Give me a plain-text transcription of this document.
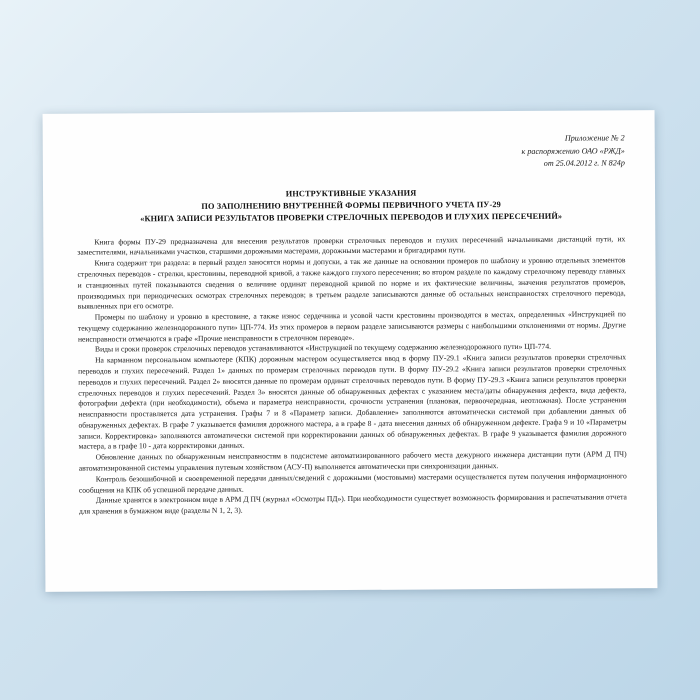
Приложение № 2
к распоряжению ОАО «РЖД»
от 25.04.2012 г. N 824р
ИНСТРУКТИВНЫЕ УКАЗАНИЯ
ПО ЗАПОЛНЕНИЮ ВНУТРЕННЕЙ ФОРМЫ ПЕРВИЧНОГО УЧЕТА ПУ-29
«КНИГА ЗАПИСИ РЕЗУЛЬТАТОВ ПРОВЕРКИ СТРЕЛОЧНЫХ ПЕРЕВОДОВ И ГЛУХИХ ПЕРЕСЕЧЕНИЙ»

Книга формы ПУ-29 предназначена для внесения результатов проверки стрелочных переводов и глухих пересечений начальниками дистанций пути, их заместителями, начальниками участков, старшими дорожными мастерами, дорожными мастерами и бригадирами пути.

Книга содержит три раздела: в первый раздел заносятся нормы и допуски, а так же данные на основании промеров по шаблону и уровню отдельных элементов стрелочных переводов - стрелки, крестовины, переводной кривой, а также каждого глухого пересечения; во втором разделе по каждому стрелочному переводу главных и станционных путей показываются сведения о величине ординат переводной кривой по норме и их фактические величины, значения результатов промеров, производимых при периодических осмотрах стрелочных переводов; в третьем разделе записываются данные об остальных неисправностях стрелочного перевода, выявленных при его осмотре.

Промеры по шаблону и уровню в крестовине, а также износ сердечника и усовой части крестовины производятся в местах, определенных «Инструкцией по текущему содержанию железнодорожного пути» ЦП-774. Из этих промеров в первом разделе записываются размеры с наибольшими отклонениями от нормы. Другие неисправности отмечаются в графе «Прочие неисправности в стрелочном переводе».

Виды и сроки проверок стрелочных переводов устанавливаются «Инструкцией по текущему содержанию железнодорожного пути» ЦП-774.

На карманном персональном компьютере (КПК) дорожным мастером осуществляется ввод в форму ПУ-29.1 «Книга записи результатов проверки стрелочных переводов и глухих пересечений. Раздел 1» данных по промерам стрелочных переводов пути. В форму ПУ-29.2 «Книга записи результатов проверки стрелочных переводов и глухих пересечений. Раздел 2» вносятся данные по промерам ординат стрелочных переводов пути. В форму ПУ-29.3 «Книга записи результатов проверки стрелочных переводов и глухих пересечений. Раздел 3» вносятся данные об обнаруженных дефектах с указанием места/даты обнаружения дефекта, вида дефекта, фотографии дефекта (при необходимости), объема и параметра неисправности, срочности устранения (плановая, первоочередная, неотложная). После устранения неисправности проставляется дата устранения. Графы 7 и 8 «Параметр записи. Добавление» заполняются автоматически системой при добавлении данных об обнаруженных дефектах. В графе 7 указывается фамилия дорожного мастера, а в графе 8 - дата внесения данных об обнаруженном дефекте. Графа 9 и 10 «Параметры записи. Корректировка» заполняются автоматически системой при корректировании данных об обнаруженных дефектах. В графе 9 указывается фамилия дорожного мастера, а в графе 10 - дата корректировки данных.

Обновление данных по обнаруженным неисправностям в подсистеме автоматизированного рабочего места дежурного инженера дистанции пути (АРМ Д ПЧ) автоматизированной системы управления путевым хозяйством (АСУ-П) выполняется автоматически при синхронизации данных.

Контроль безошибочной и своевременной передачи данных/сведений с дорожными (мостовыми) мастерами осуществляется путем получения информационного сообщения на КПК об успешной передаче данных.

Данные хранятся в электронном виде в АРМ Д ПЧ (журнал «Осмотры ПД»). При необходимости существует возможность формирования и распечатывания отчета для хранения в бумажном виде (разделы N 1, 2, 3).
